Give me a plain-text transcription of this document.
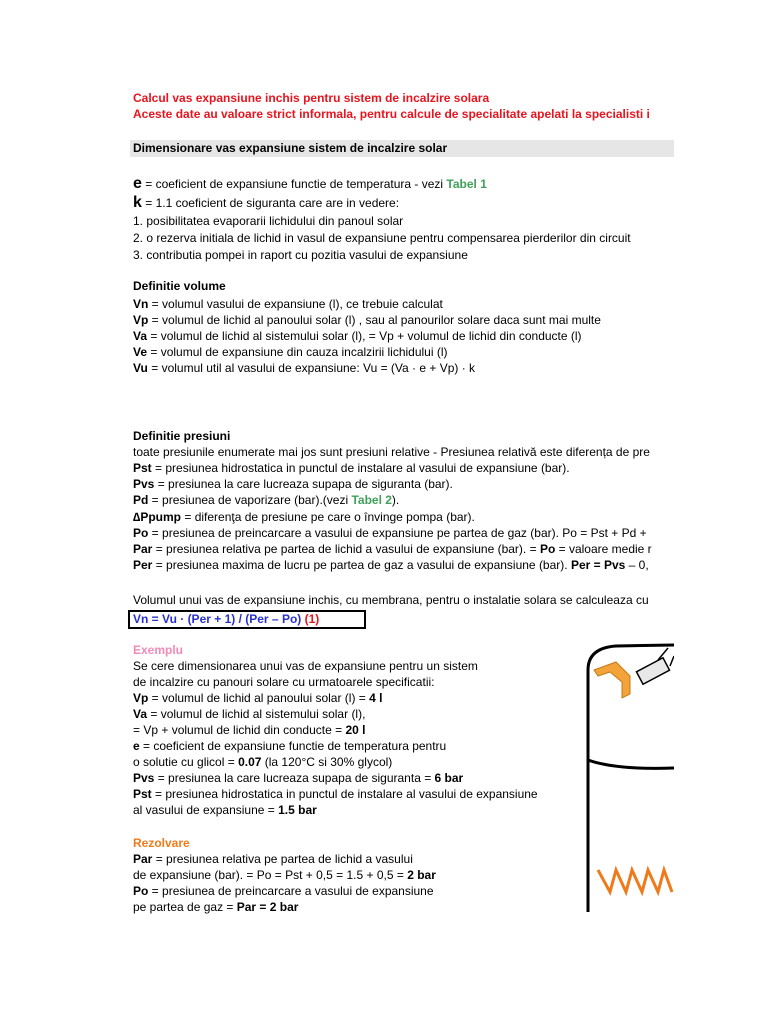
Calcul vas expansiune inchis pentru sistem de incalzire solara
Aceste date au valoare strict informala, pentru calcule de specialitate apelati la specialisti i
Dimensionare vas expansiune sistem de incalzire solar
e = coeficient de expansiune functie de temperatura - vezi Tabel 1
k = 1.1 coeficient de siguranta care are in vedere:
1. posibilitatea evaporarii lichidului din panoul solar
2. o rezerva initiala de lichid in vasul de expansiune pentru compensarea pierderilor din circuit
3. contributia pompei in raport cu pozitia vasului de expansiune
Definitie volume
Vn = volumul vasului de expansiune (l), ce trebuie calculat
Vp = volumul de lichid al panoului solar (l) , sau al panourilor solare daca sunt mai multe
Va = volumul de lichid al sistemului solar (l), = Vp + volumul de lichid din conducte (l)
Ve = volumul de expansiune din cauza incalzirii lichidului (l)
Vu = volumul util al vasului de expansiune: Vu = (Va · e + Vp) · k
Definitie presiuni
toate presiunile enumerate mai jos sunt presiuni relative - Presiunea relativă este diferența de pre
Pst = presiunea hidrostatica in punctul de instalare al vasului de expansiune (bar).
Pvs = presiunea la care lucreaza supapa de siguranta (bar).
Pd = presiunea de vaporizare (bar).(vezi Tabel 2).
∆Ppump = diferenţa de presiune pe care o învinge pompa (bar).
Po = presiunea de preincarcare a vasului de expansiune pe partea de gaz (bar). Po = Pst + Pd +
Par = presiunea relativa pe partea de lichid a vasului de expansiune (bar). = Po = valoare medie r
Per = presiunea maxima de lucru pe partea de gaz a vasului de expansiune (bar). Per = Pvs – 0,
Volumul unui vas de expansiune inchis, cu membrana, pentru o instalatie solara se calculeaza cu
Vn = Vu · (Per + 1) / (Per – Po) (1)
Exemplu
Se cere dimensionarea unui vas de expansiune pentru un sistem
de incalzire cu panouri solare cu urmatoarele specificatii:
Vp = volumul de lichid al panoului solar (l) = 4 l
Va = volumul de lichid al sistemului solar (l),
= Vp + volumul de lichid din conducte = 20 l
e = coeficient de expansiune functie de temperatura pentru
o solutie cu glicol = 0.07 (la 120°C si 30% glycol)
Pvs = presiunea la care lucreaza supapa de siguranta = 6 bar
Pst = presiunea hidrostatica in punctul de instalare al vasului de expansiune
al vasului de expansiune = 1.5 bar
Rezolvare
Par = presiunea relativa pe partea de lichid a vasului
de expansiune (bar). = Po = Pst + 0,5 = 1.5 + 0,5 = 2 bar
Po = presiunea de preincarcare a vasului de expansiune
pe partea de gaz = Par = 2 bar
